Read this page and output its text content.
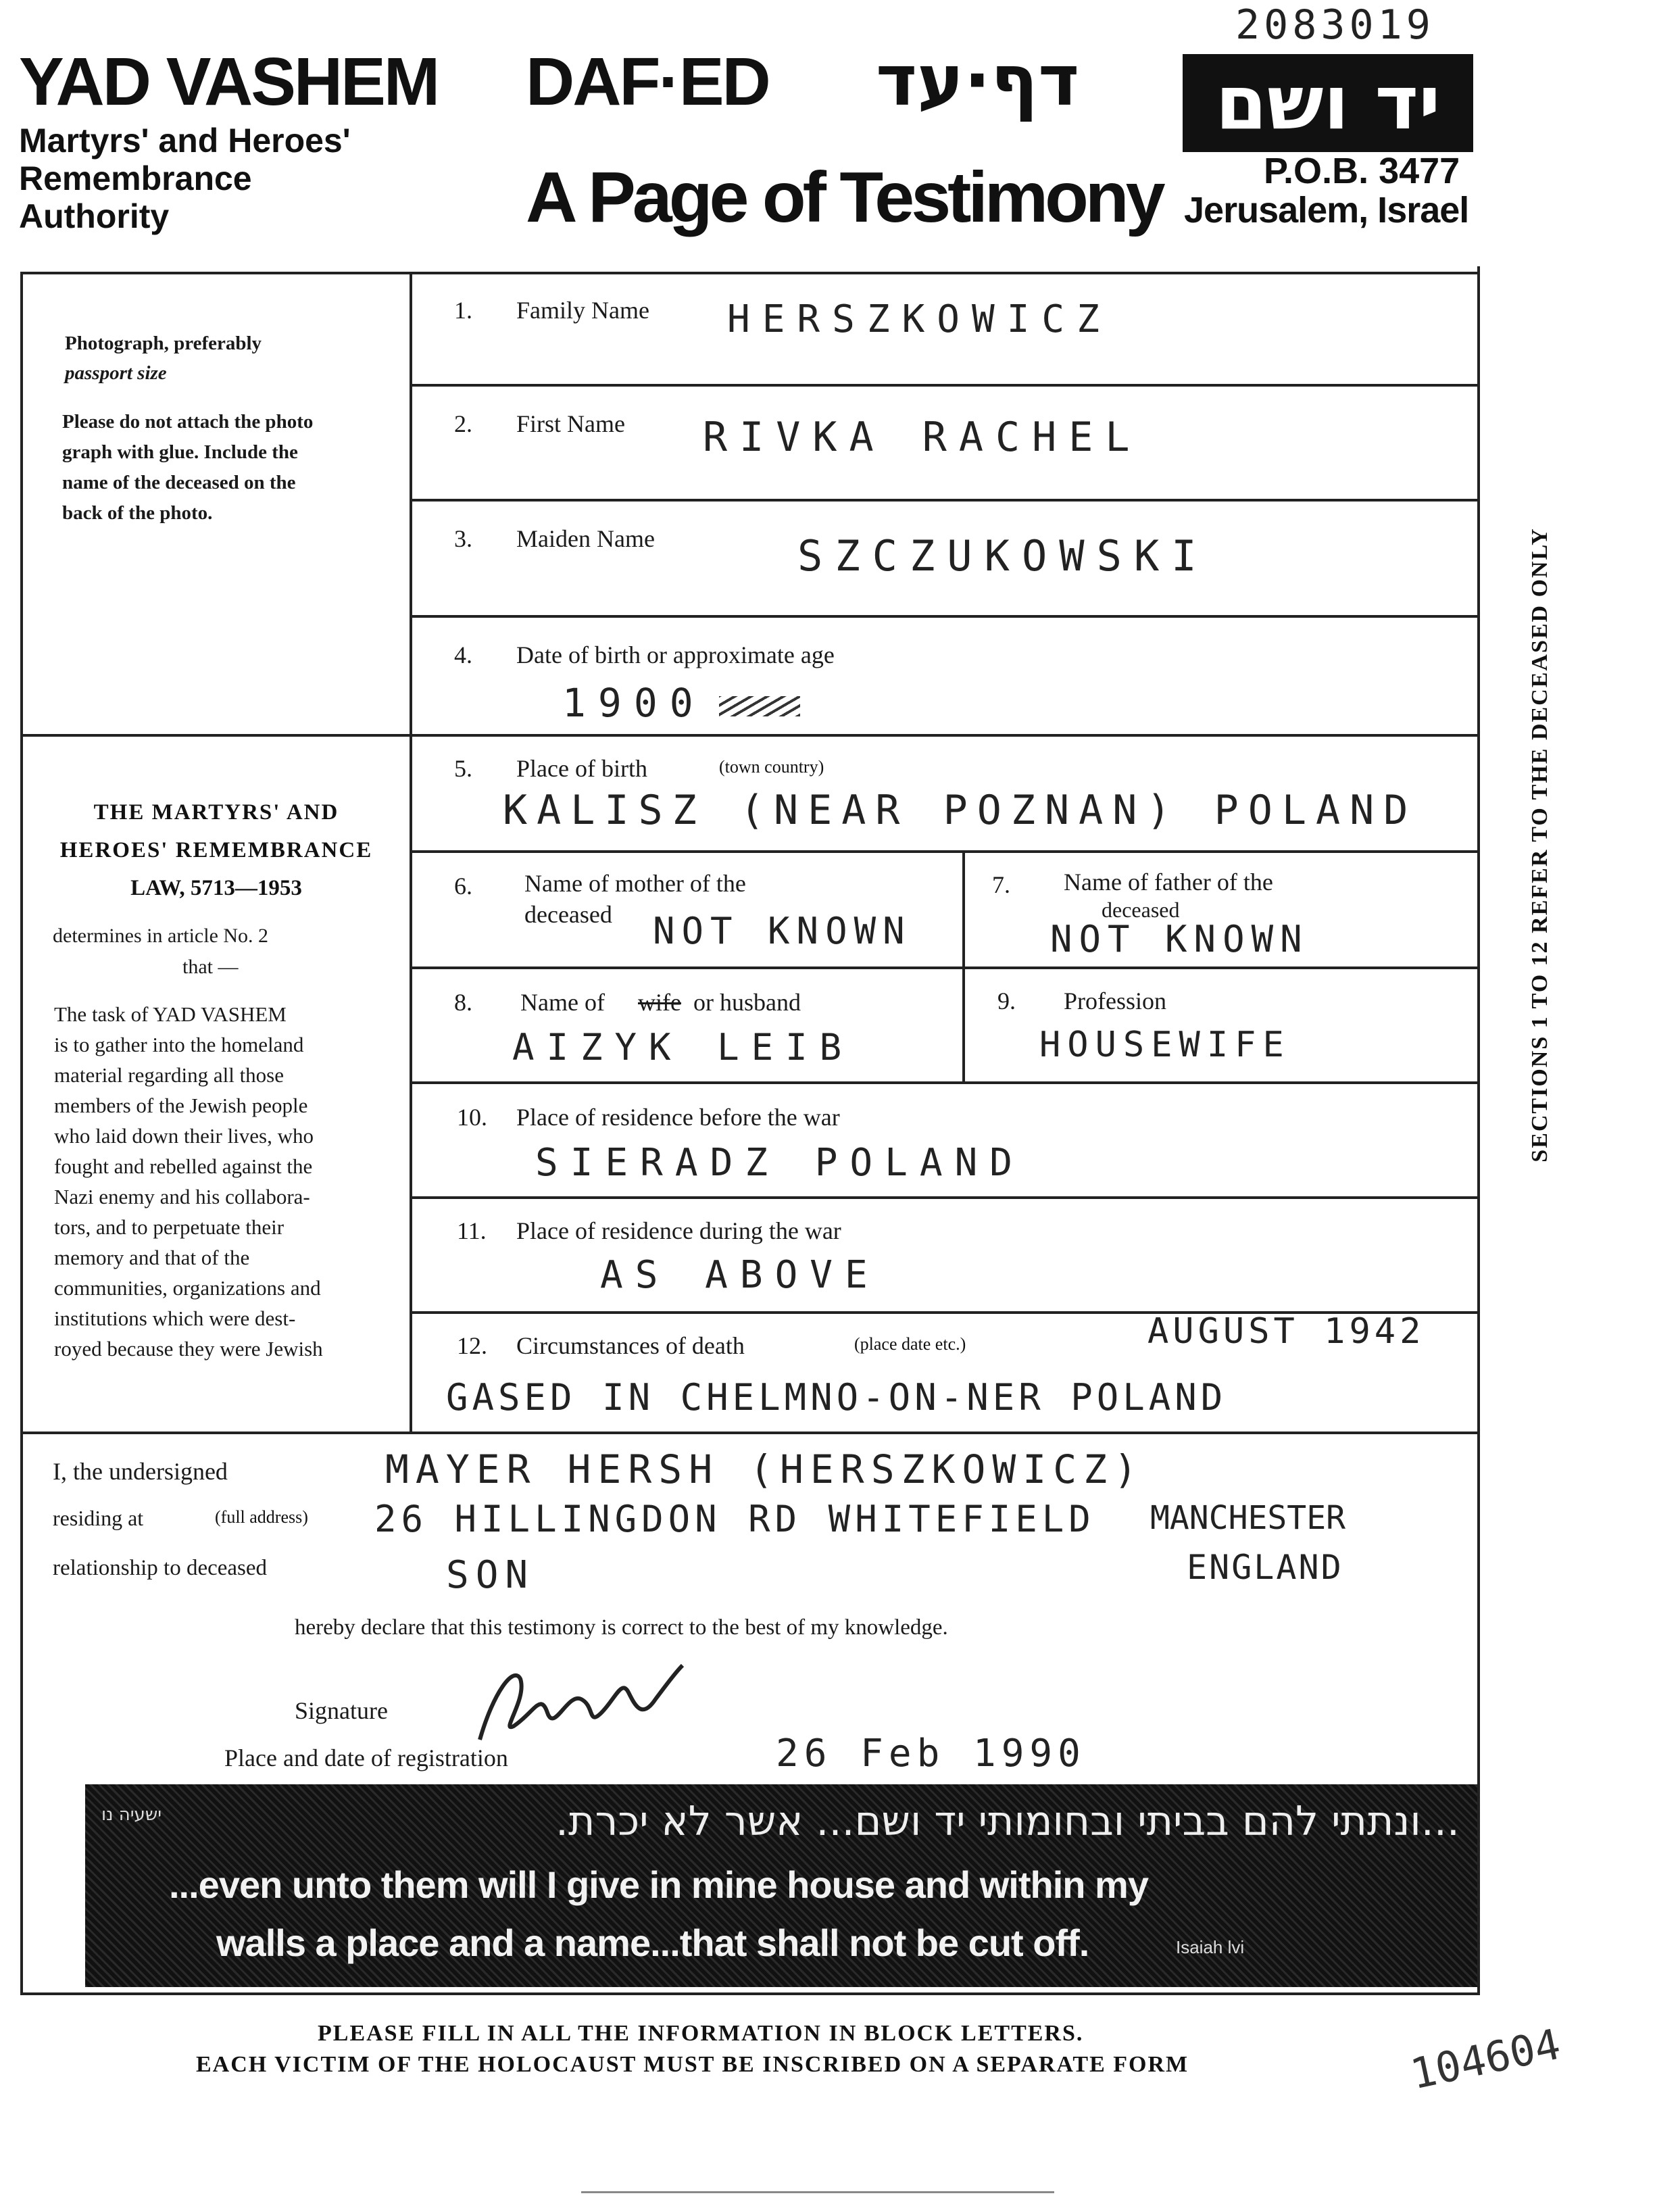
2083019
YAD VASHEM
Martyrs' and Heroes'
Remembrance
Authority
DAF·ED דף·עד
A Page of Testimony
יד ושם
P.O.B. 3477
Jerusalem, Israel
Photograph, preferably
passport size
Please do not attach the photo
graph with glue. Include the
name of the deceased on the
back of the photo.
THE MARTYRS' AND
HEROES' REMEMBRANCE
LAW, 5713—1953
determines in article No. 2
that —
The task of YAD VASHEM
is to gather into the homeland
material regarding all those
members of the Jewish people
who laid down their lives, who
fought and rebelled against the
Nazi enemy and his collabora-
tors, and to perpetuate their
memory and that of the
communities, organizations and
institutions which were dest-
royed because they were Jewish
SECTIONS 1 TO 12 REFER TO THE DECEASED ONLY
1. Family Name HERSZKOWICZ
2. First Name RIVKA RACHEL
3. Maiden Name	SZCZUKOWSKI
4. Date of birth or approximate age
1900
5. Place of birth	(town country)
KALISZ (NEAR POZNAN) POLAND
6. Name of mother of the
deceased NOT KNOWN
7. Name of father of the
deceased
NOT KNOWN
8. Name of wife or husband
AIZYK LEIB
9. Profession
HOUSEWIFE
10. Place of residence before the war
SIERADZ POLAND
11. Place of residence during the war
AS ABOVE
12. Circumstances of death	(place date etc.)	AUGUST 1942
GASED IN CHELMNO-ON-NER POLAND
I, the undersigned	MAYER HERSH (HERSZKOWICZ)
residing at	(full address) 26 HILLINGDON RD WHITEFIELD MANCHESTER
ENGLAND
relationship to deceased	SON
hereby declare that this testimony is correct to the best of my knowledge.
Signature
Place and date of registration	26 Feb 1990
ישעיה נו	...ונתתי להם בביתי ובחומותי יד ושם... אשר לא יכרת.
...even unto them will I give in mine house and within my
walls a place and a name...that shall not be cut off.	Isaiah lvi
PLEASE FILL IN ALL THE INFORMATION IN BLOCK LETTERS.
EACH VICTIM OF THE HOLOCAUST MUST BE INSCRIBED ON A SEPARATE FORM	104604
